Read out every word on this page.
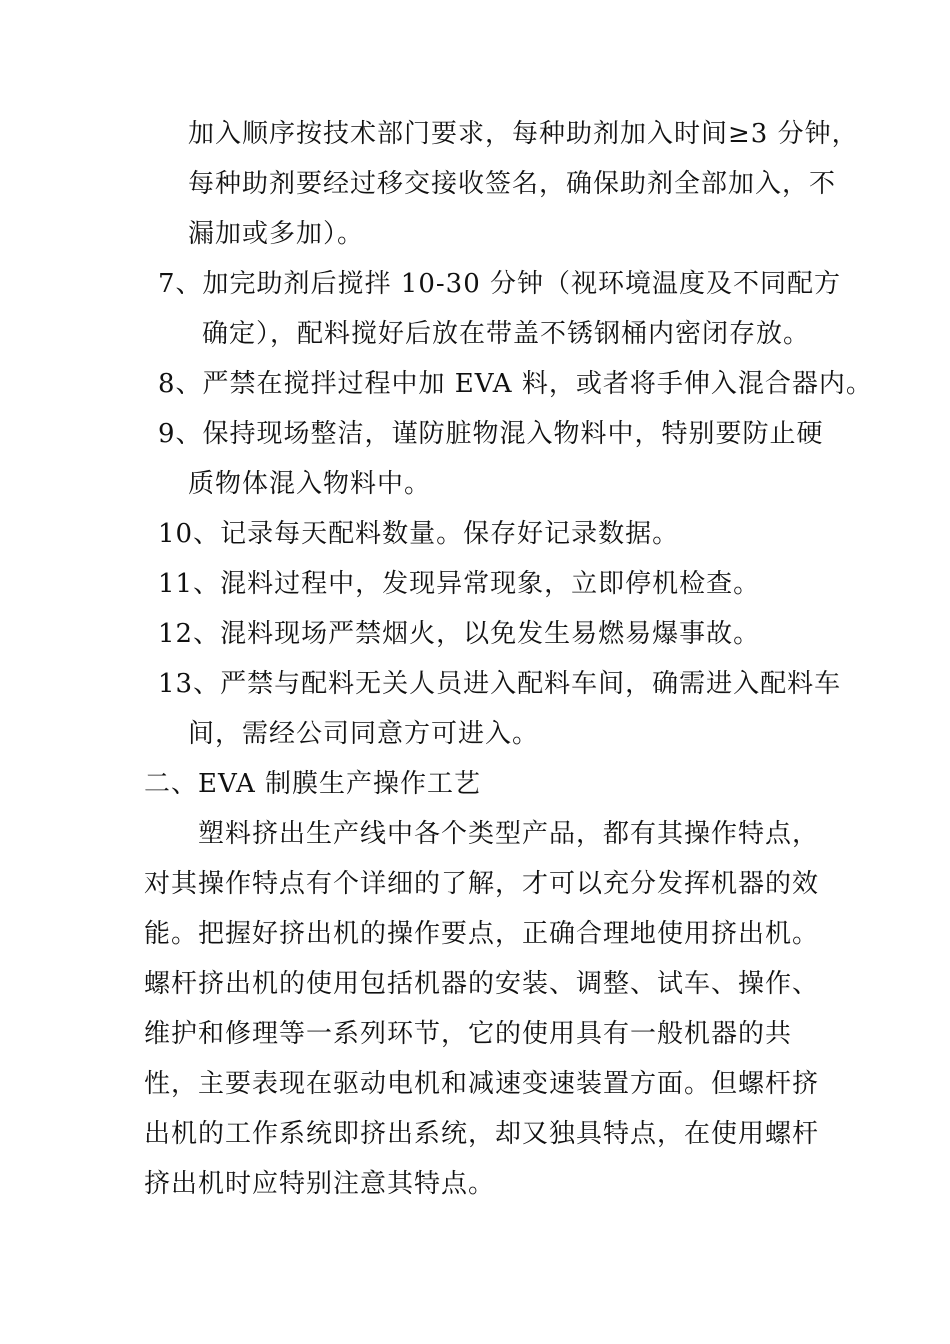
加入顺序按技术部门要求，每种助剂加入时间≥3 分钟，
每种助剂要经过移交接收签名，确保助剂全部加入，不
漏加或多加）。
7、加完助剂后搅拌 10-30 分钟（视环境温度及不同配方
确定），配料搅好后放在带盖不锈钢桶内密闭存放。
8、严禁在搅拌过程中加 EVA 料，或者将手伸入混合器内。
9、保持现场整洁，谨防脏物混入物料中，特别要防止硬
质物体混入物料中。
10、记录每天配料数量。保存好记录数据。
11、混料过程中，发现异常现象，立即停机检查。
12、混料现场严禁烟火，以免发生易燃易爆事故。
13、严禁与配料无关人员进入配料车间，确需进入配料车
间，需经公司同意方可进入。
二、EVA 制膜生产操作工艺
塑料挤出生产线中各个类型产品，都有其操作特点，
对其操作特点有个详细的了解，才可以充分发挥机器的效
能。把握好挤出机的操作要点，正确合理地使用挤出机。
螺杆挤出机的使用包括机器的安装、调整、试车、操作、
维护和修理等一系列环节，它的使用具有一般机器的共
性，主要表现在驱动电机和减速变速装置方面。但螺杆挤
出机的工作系统即挤出系统，却又独具特点，在使用螺杆
挤出机时应特别注意其特点。
